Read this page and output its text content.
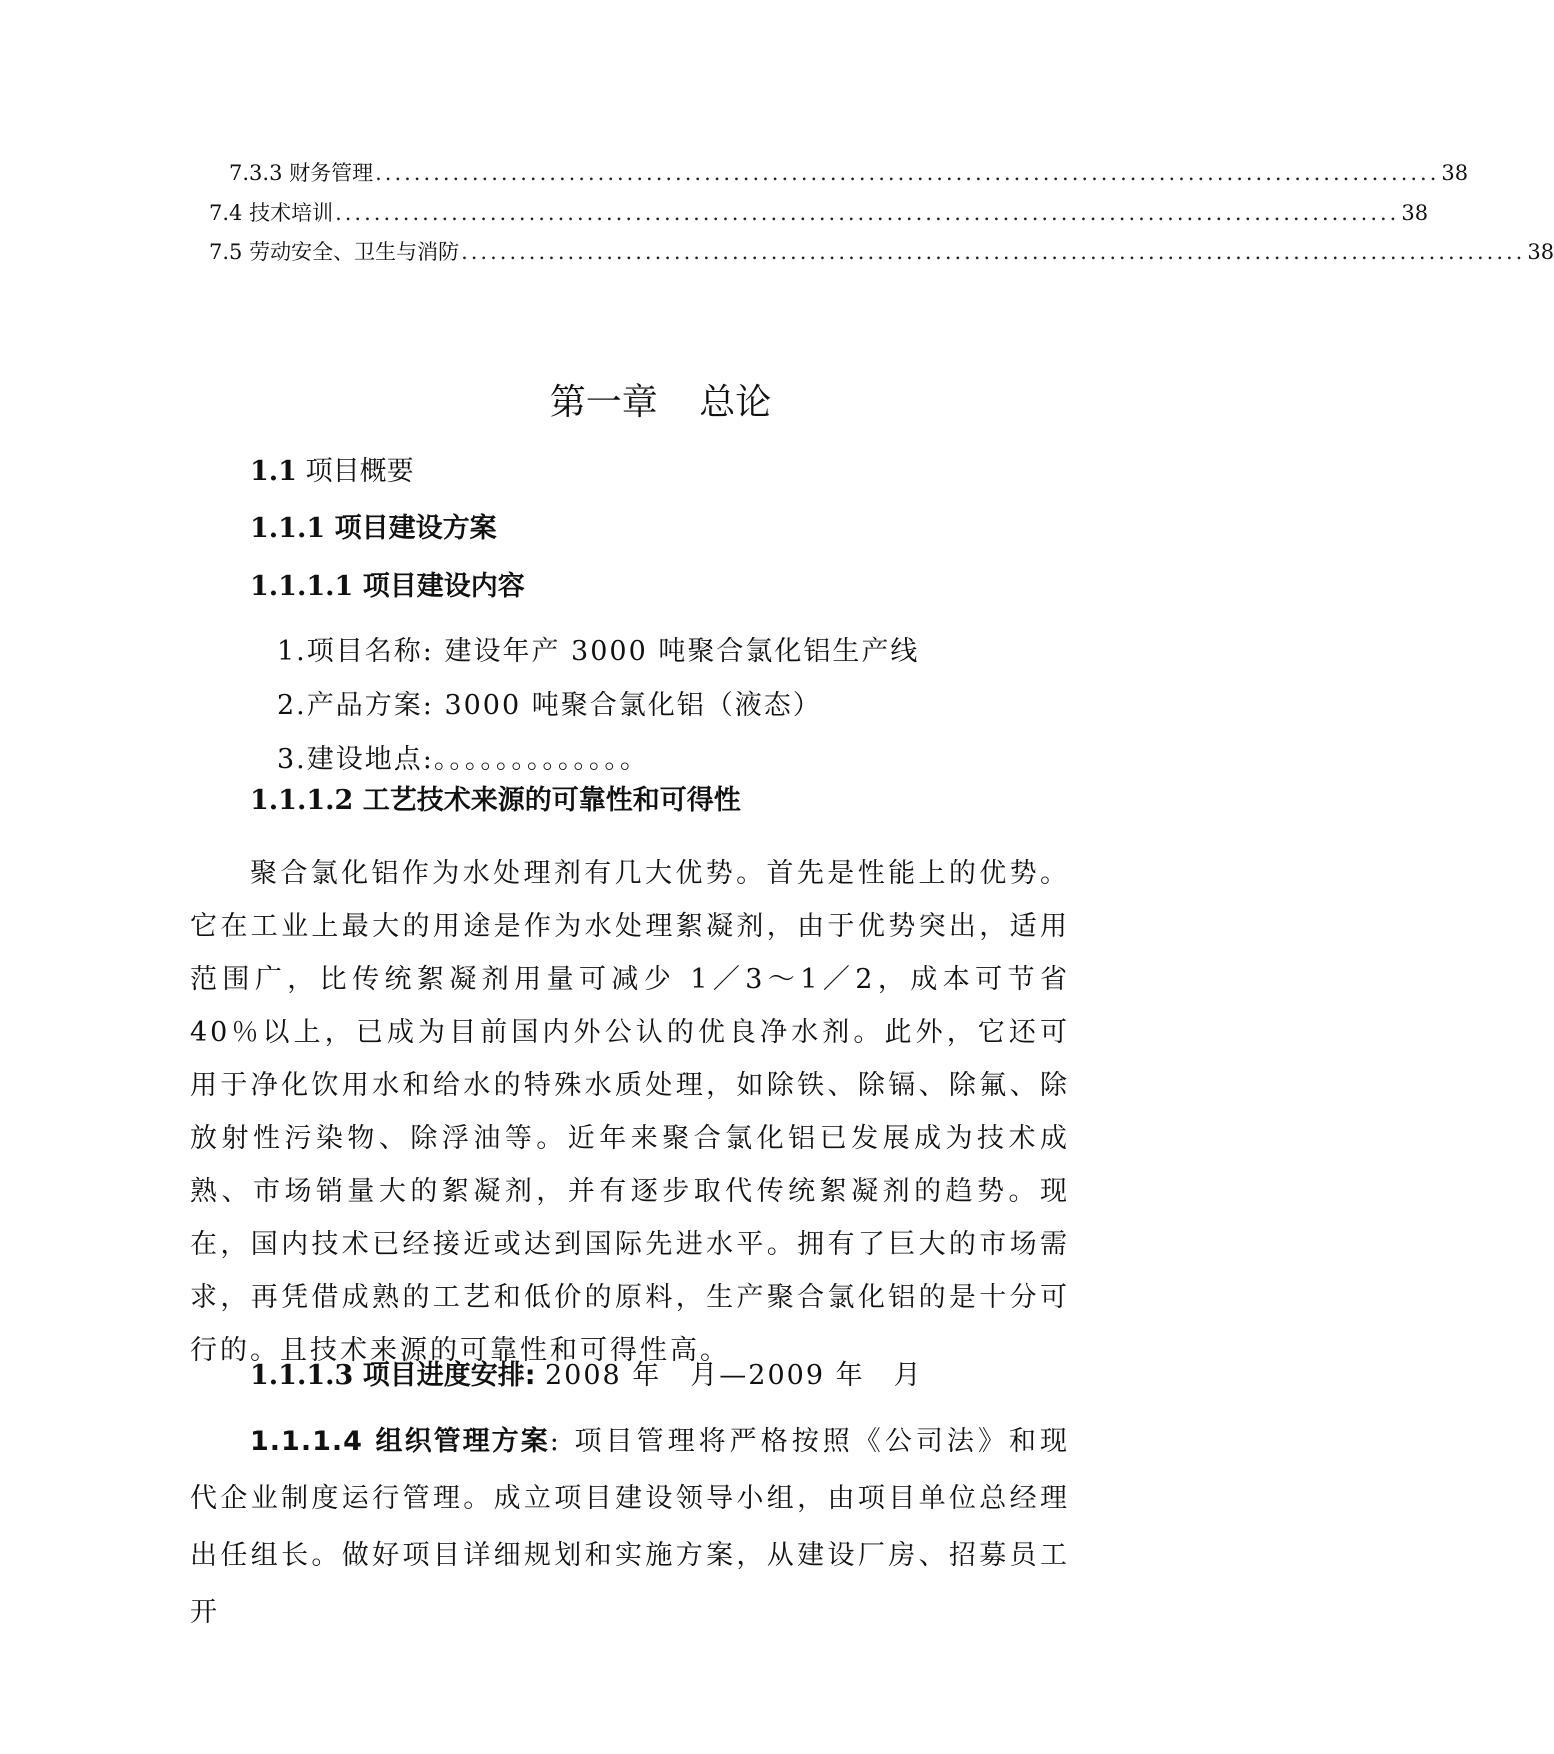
7.3.3 财务管理 .............................................................................................................. 38
7.4 技术培训 .............................................................................................................. 38
7.5 劳动安全、卫生与消防 .............................................................................................................. 38
第一章 总论
1.1 项目概要
1.1.1 项目建设方案
1.1.1.1 项目建设内容
1.项目名称: 建设年产 3000 吨聚合氯化铝生产线
2.产品方案: 3000 吨聚合氯化铝（液态）
3.建设地点:。。。。。。。。。。。。。
1.1.1.2 工艺技术来源的可靠性和可得性

聚合氯化铝作为水处理剂有几大优势。首先是性能上的优势。它在工业上最大的用途是作为水处理絮凝剂，由于优势突出，适用范围广，比传统絮凝剂用量可减少 1／3～1／2，成本可节省 40％以上，已成为目前国内外公认的优良净水剂。此外，它还可用于净化饮用水和给水的特殊水质处理，如除铁、除镉、除氟、除放射性污染物、除浮油等。近年来聚合氯化铝已发展成为技术成熟、市场销量大的絮凝剂，并有逐步取代传统絮凝剂的趋势。现在，国内技术已经接近或达到国际先进水平。拥有了巨大的市场需求，再凭借成熟的工艺和低价的原料，生产聚合氯化铝的是十分可行的。且技术来源的可靠性和可得性高。

1.1.1.3 项目进度安排: 2008 年　月—2009 年　月

1.1.1.4 组织管理方案: 项目管理将严格按照《公司法》和现代企业制度运行管理。成立项目建设领导小组，由项目单位总经理出任组长。做好项目详细规划和实施方案，从建设厂房、招募员工开
